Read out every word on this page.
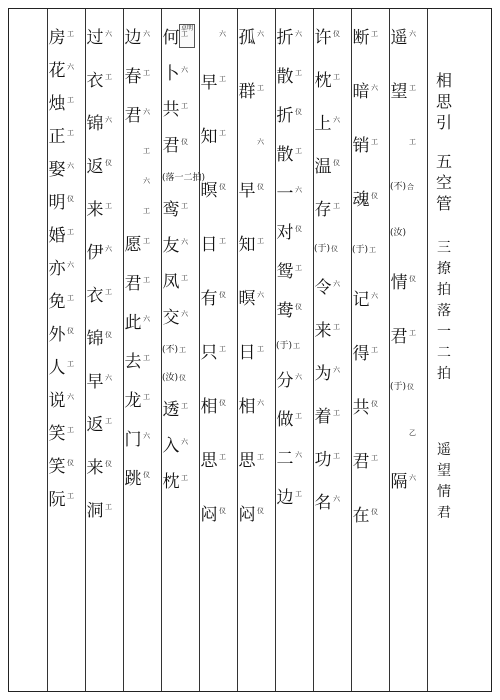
卓明
相
思
引
五
空
管
三
撩
拍
落
一
二
拍
遥
望
情
君
遥 六
望 工
工
(不) 合
(汝)
情 仪
君 工
(于) 仪
乙
隔 六
断 工
暗 六
销 工
魂 仪
(于) 工
记 六
得 工
共 仪
君 工
在 仪
许 仪
枕 工
上 六
温 仪
存 工
(于) 仪
令 六
来 工
为 六
着 工
功 工
名 六
折 六
散 工
折 仪
散 工
一 六
对 仪
鸳 工
鸯 仪
(于) 工
分 六
做 工
二 六
边 工
孤 六
群 工
六
早 仪
知 工
暝 六
日 工
相 六
思 工
闷 仪
六
早 工
知 工
暝 仪
日 工
有 仪
只 工
相 仪
思 工
闷 仪
何 工
卜 六
共 工
君 仪
(落一二拍)
鸾 工
友 六
凤 工
交 六
(不) 工
(汝) 仪
透 工
入 六
枕 工
边 六
春 工
君 六
工
六
工
愿 工
君 工
此 六
去 工
龙 工
门 六
跳 仪
过 六
衣 工
锦 六
返 仪
来 工
伊 六
衣 工
锦 仪
早 六
返 工
来 仪
洞 工
房 工
花 六
烛 工
正 工
娶 六
明 仪
婚 工
亦 六
免 工
外 仪
人 工
说 六
笑 工
笑 仪
阮 工
